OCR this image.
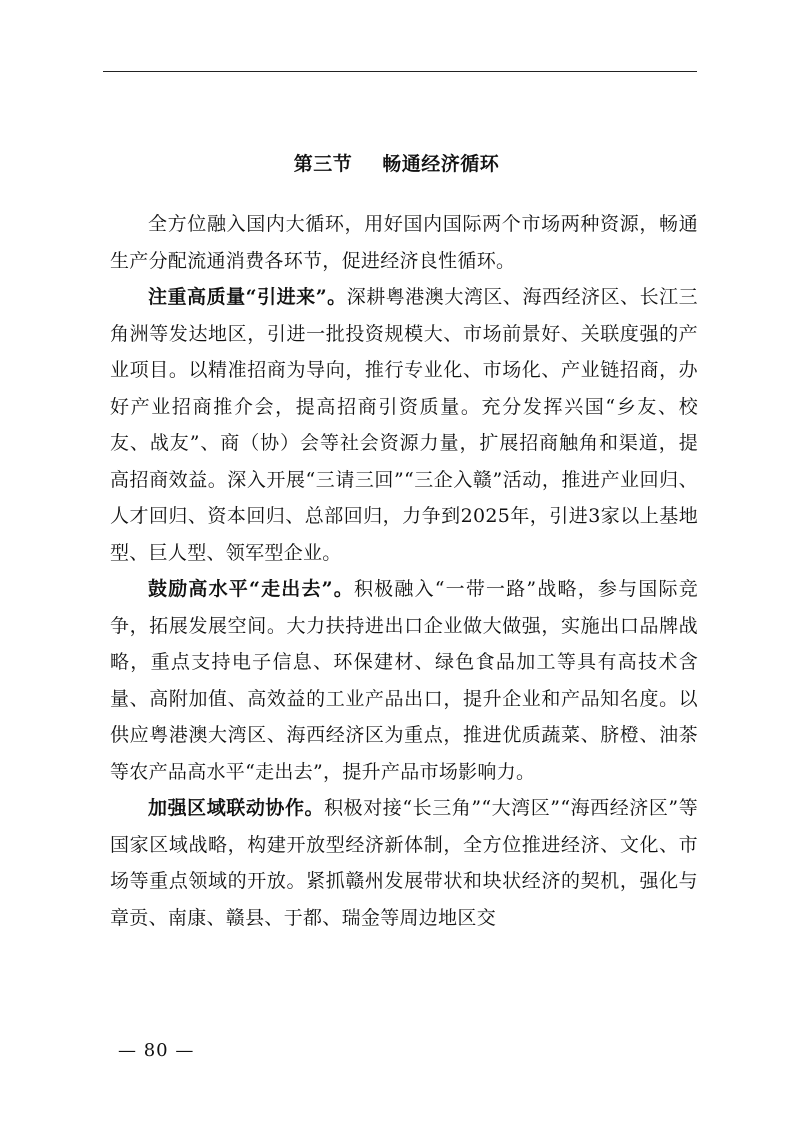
第三节 畅通经济循环

全方位融入国内大循环，用好国内国际两个市场两种资源，畅通生产分配流通消费各环节，促进经济良性循环。

注重高质量“引进来”。深耕粤港澳大湾区、海西经济区、长江三角洲等发达地区，引进一批投资规模大、市场前景好、关联度强的产业项目。以精准招商为导向，推行专业化、市场化、产业链招商，办好产业招商推介会，提高招商引资质量。充分发挥兴国“乡友、校友、战友”、商（协）会等社会资源力量，扩展招商触角和渠道，提高招商效益。深入开展“三请三回”“三企入赣”活动，推进产业回归、人才回归、资本回归、总部回归，力争到2025年，引进3家以上基地型、巨人型、领军型企业。

鼓励高水平“走出去”。积极融入“一带一路”战略，参与国际竞争，拓展发展空间。大力扶持进出口企业做大做强，实施出口品牌战略，重点支持电子信息、环保建材、绿色食品加工等具有高技术含量、高附加值、高效益的工业产品出口，提升企业和产品知名度。以供应粤港澳大湾区、海西经济区为重点，推进优质蔬菜、脐橙、油茶等农产品高水平“走出去”，提升产品市场影响力。

加强区域联动协作。积极对接“长三角”“大湾区”“海西经济区”等国家区域战略，构建开放型经济新体制，全方位推进经济、文化、市场等重点领域的开放。紧抓赣州发展带状和块状经济的契机，强化与章贡、南康、赣县、于都、瑞金等周边地区交

— 80 —
